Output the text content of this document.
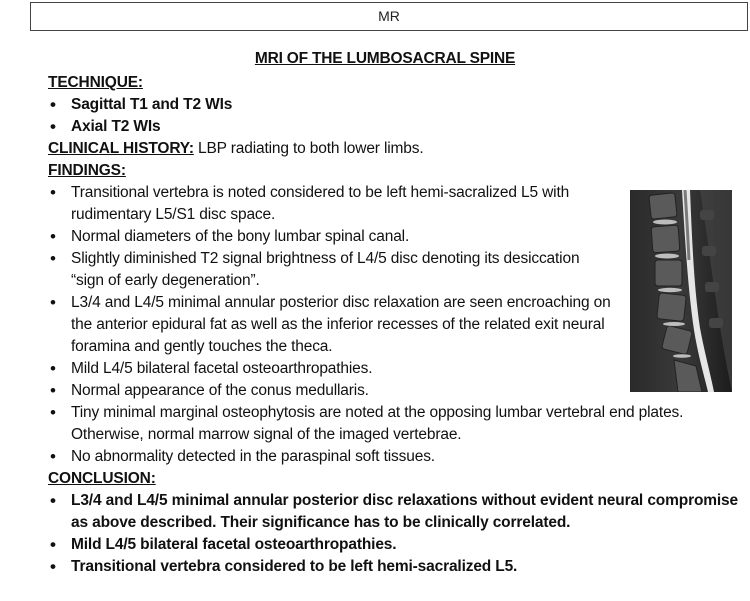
MR
MRI OF THE LUMBOSACRAL SPINE
TECHNIQUE:
• Sagittal T1 and T2 WIs
• Axial T2 WIs
CLINICAL HISTORY: LBP radiating to both lower limbs.
FINDINGS:
• Transitional vertebra is noted considered to be left hemi-sacralized L5 with rudimentary L5/S1 disc space.
• Normal diameters of the bony lumbar spinal canal.
• Slightly diminished T2 signal brightness of L4/5 disc denoting its desiccation “sign of early degeneration”.
• L3/4 and L4/5 minimal annular posterior disc relaxation are seen encroaching on the anterior epidural fat as well as the inferior recesses of the related exit neural foramina and gently touches the theca.
• Mild L4/5 bilateral facetal osteoarthropathies.
• Normal appearance of the conus medullaris.
• Tiny minimal marginal osteophytosis are noted at the opposing lumbar vertebral end plates. Otherwise, normal marrow signal of the imaged vertebrae.
• No abnormality detected in the paraspinal soft tissues.
CONCLUSION:
• L3/4 and L4/5 minimal annular posterior disc relaxations without evident neural compromise as above described. Their significance has to be clinically correlated.
• Mild L4/5 bilateral facetal osteoarthropathies.
• Transitional vertebra considered to be left hemi-sacralized L5.
